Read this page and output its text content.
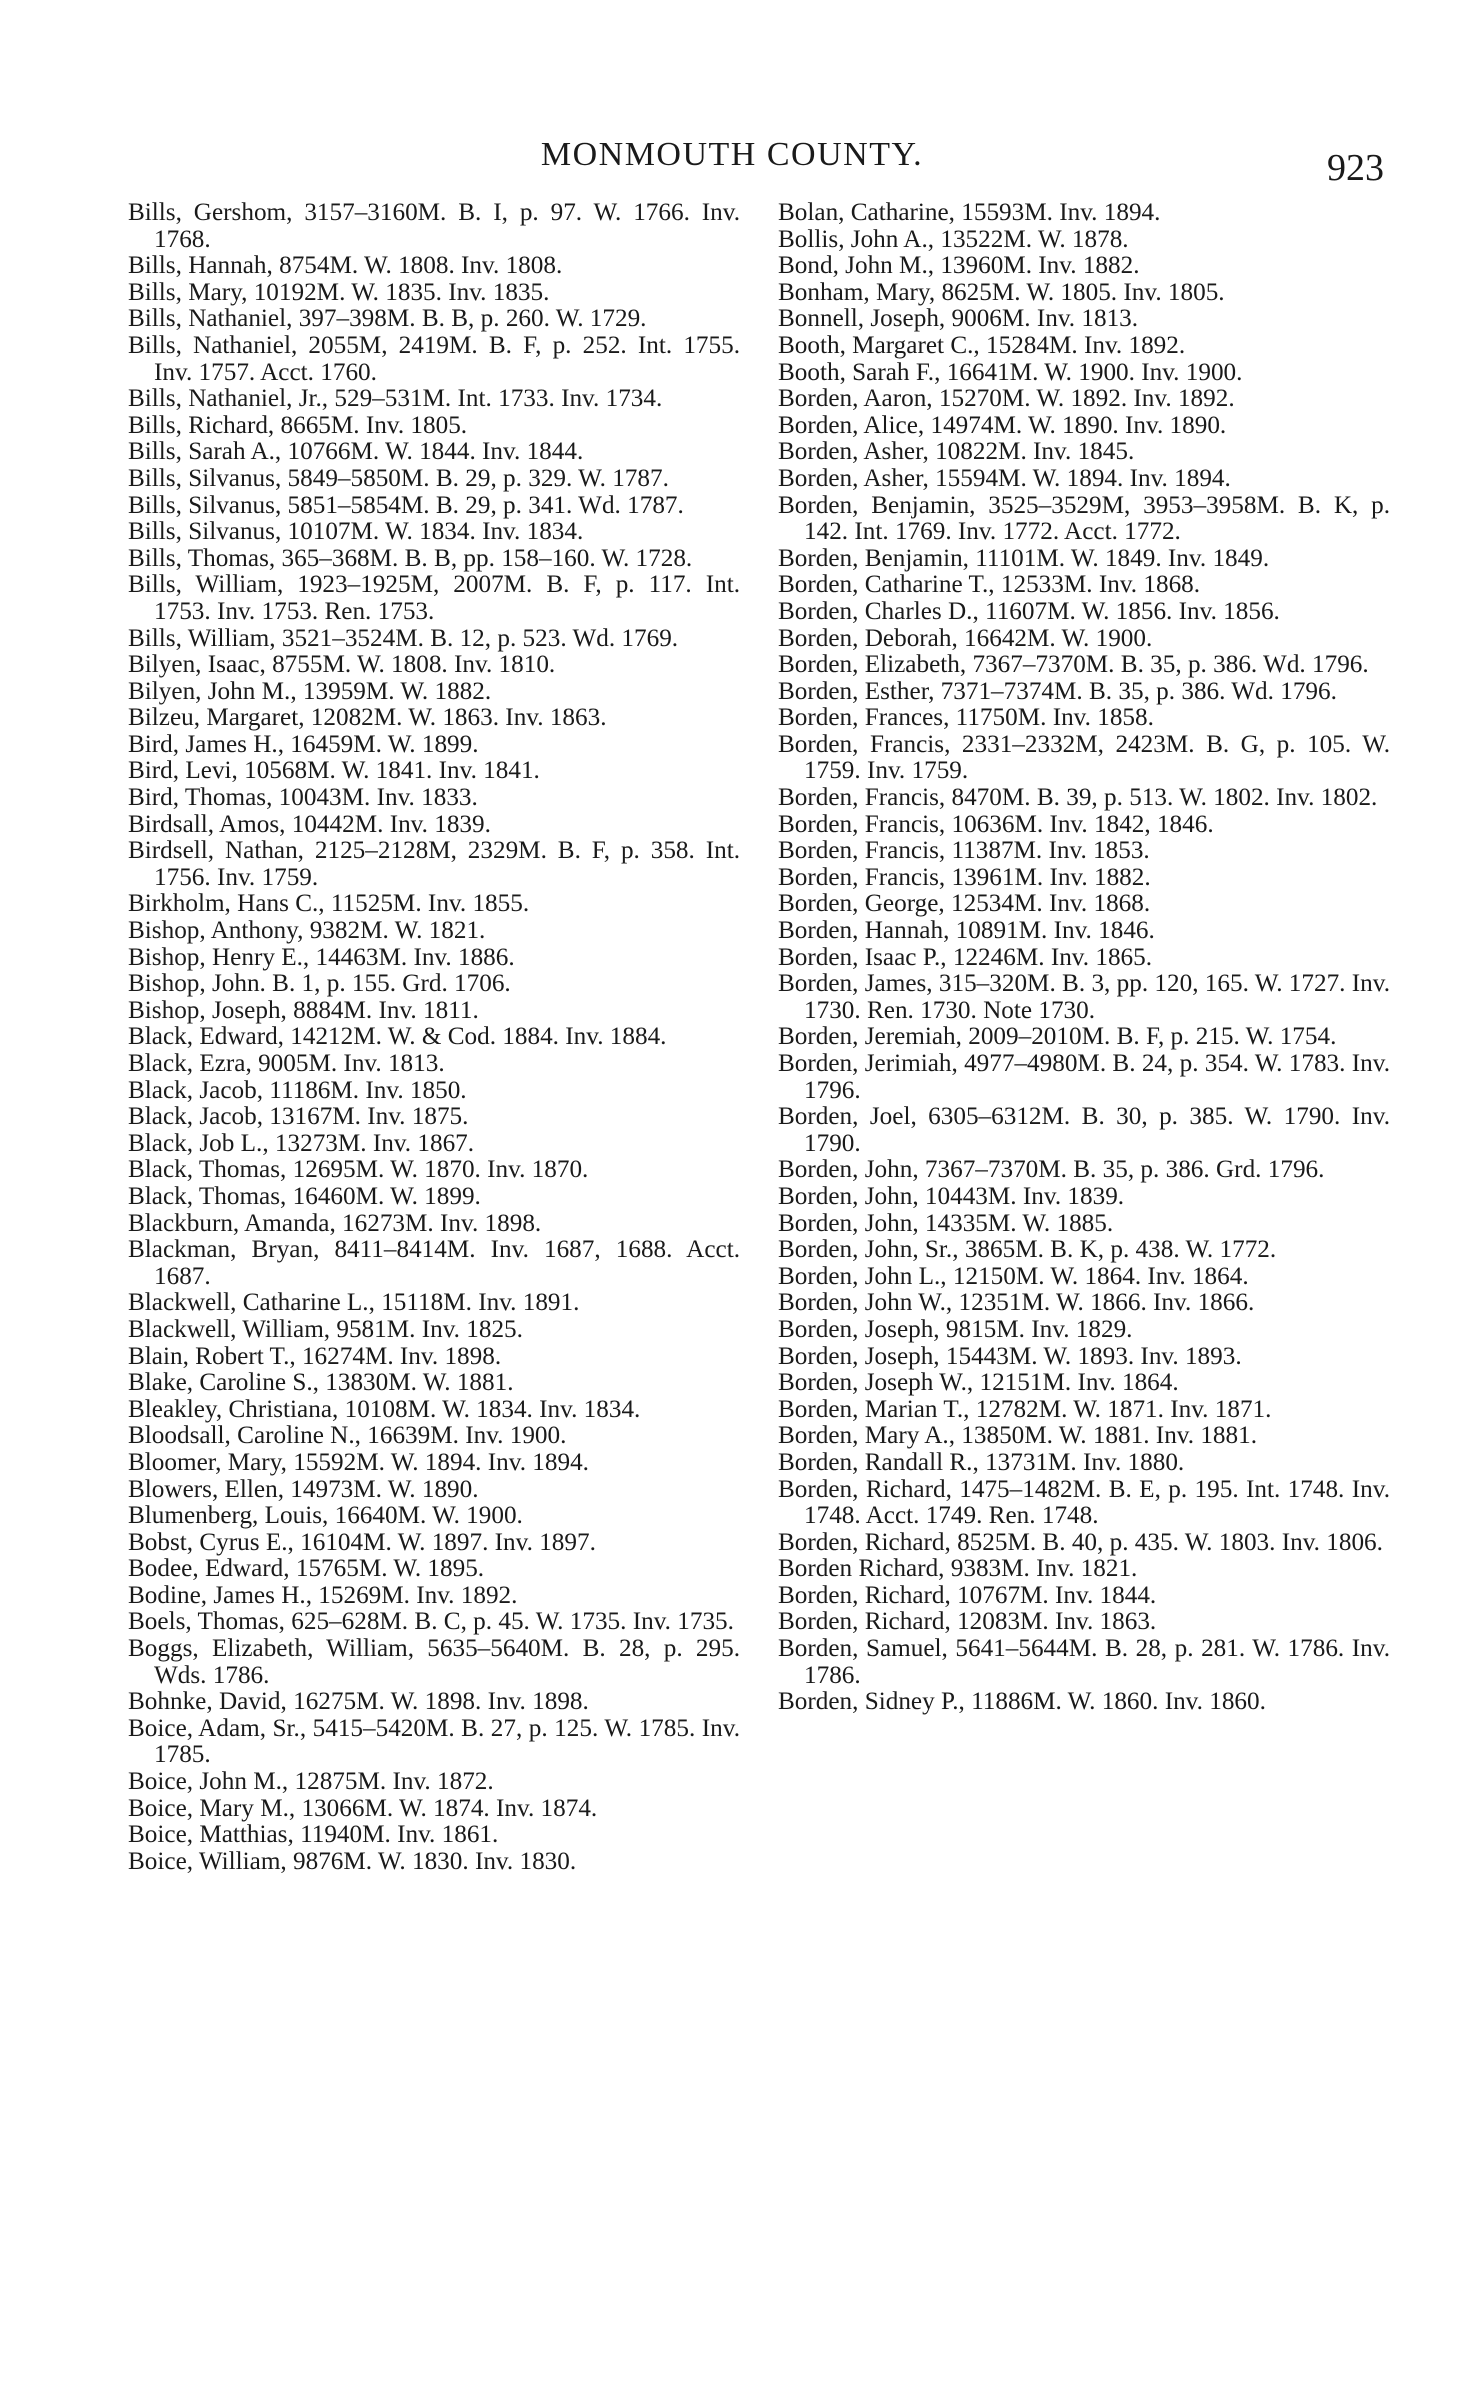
MONMOUTH COUNTY.	923

Bills, Gershom, 3157–3160M. B. I, p. 97. W. 1766. Inv. 1768.

Bills, Hannah, 8754M. W. 1808. Inv. 1808.

Bills, Mary, 10192M. W. 1835. Inv. 1835.

Bills, Nathaniel, 397–398M. B. B, p. 260. W. 1729.

Bills, Nathaniel, 2055M, 2419M. B. F, p. 252. Int. 1755. Inv. 1757. Acct. 1760.

Bills, Nathaniel, Jr., 529–531M. Int. 1733. Inv. 1734.

Bills, Richard, 8665M. Inv. 1805.

Bills, Sarah A., 10766M. W. 1844. Inv. 1844.

Bills, Silvanus, 5849–5850M. B. 29, p. 329. W. 1787.

Bills, Silvanus, 5851–5854M. B. 29, p. 341. Wd. 1787.

Bills, Silvanus, 10107M. W. 1834. Inv. 1834.

Bills, Thomas, 365–368M. B. B, pp. 158–160. W. 1728.

Bills, William, 1923–1925M, 2007M. B. F, p. 117. Int. 1753. Inv. 1753. Ren. 1753.

Bills, William, 3521–3524M. B. 12, p. 523. Wd. 1769.

Bilyen, Isaac, 8755M. W. 1808. Inv. 1810.

Bilyen, John M., 13959M. W. 1882.

Bilzeu, Margaret, 12082M. W. 1863. Inv. 1863.

Bird, James H., 16459M. W. 1899.

Bird, Levi, 10568M. W. 1841. Inv. 1841.

Bird, Thomas, 10043M. Inv. 1833.

Birdsall, Amos, 10442M. Inv. 1839.

Birdsell, Nathan, 2125–2128M, 2329M. B. F, p. 358. Int. 1756. Inv. 1759.

Birkholm, Hans C., 11525M. Inv. 1855.

Bishop, Anthony, 9382M. W. 1821.

Bishop, Henry E., 14463M. Inv. 1886.

Bishop, John. B. 1, p. 155. Grd. 1706.

Bishop, Joseph, 8884M. Inv. 1811.

Black, Edward, 14212M. W. & Cod. 1884. Inv. 1884.

Black, Ezra, 9005M. Inv. 1813.

Black, Jacob, 11186M. Inv. 1850.

Black, Jacob, 13167M. Inv. 1875.

Black, Job L., 13273M. Inv. 1867.

Black, Thomas, 12695M. W. 1870. Inv. 1870.

Black, Thomas, 16460M. W. 1899.

Blackburn, Amanda, 16273M. Inv. 1898.

Blackman, Bryan, 8411–8414M. Inv. 1687, 1688. Acct. 1687.

Blackwell, Catharine L., 15118M. Inv. 1891.

Blackwell, William, 9581M. Inv. 1825.

Blain, Robert T., 16274M. Inv. 1898.

Blake, Caroline S., 13830M. W. 1881.

Bleakley, Christiana, 10108M. W. 1834. Inv. 1834.

Bloodsall, Caroline N., 16639M. Inv. 1900.

Bloomer, Mary, 15592M. W. 1894. Inv. 1894.

Blowers, Ellen, 14973M. W. 1890.

Blumenberg, Louis, 16640M. W. 1900.

Bobst, Cyrus E., 16104M. W. 1897. Inv. 1897.

Bodee, Edward, 15765M. W. 1895.

Bodine, James H., 15269M. Inv. 1892.

Boels, Thomas, 625–628M. B. C, p. 45. W. 1735. Inv. 1735.

Boggs, Elizabeth, William, 5635–5640M. B. 28, p. 295. Wds. 1786.

Bohnke, David, 16275M. W. 1898. Inv. 1898.

Boice, Adam, Sr., 5415–5420M. B. 27, p. 125. W. 1785. Inv. 1785.

Boice, John M., 12875M. Inv. 1872.

Boice, Mary M., 13066M. W. 1874. Inv. 1874.

Boice, Matthias, 11940M. Inv. 1861.

Boice, William, 9876M. W. 1830. Inv. 1830.

Bolan, Catharine, 15593M. Inv. 1894.

Bollis, John A., 13522M. W. 1878.

Bond, John M., 13960M. Inv. 1882.

Bonham, Mary, 8625M. W. 1805. Inv. 1805.

Bonnell, Joseph, 9006M. Inv. 1813.

Booth, Margaret C., 15284M. Inv. 1892.

Booth, Sarah F., 16641M. W. 1900. Inv. 1900.

Borden, Aaron, 15270M. W. 1892. Inv. 1892.

Borden, Alice, 14974M. W. 1890. Inv. 1890.

Borden, Asher, 10822M. Inv. 1845.

Borden, Asher, 15594M. W. 1894. Inv. 1894.

Borden, Benjamin, 3525–3529M, 3953–3958M. B. K, p. 142. Int. 1769. Inv. 1772. Acct. 1772.

Borden, Benjamin, 11101M. W. 1849. Inv. 1849.

Borden, Catharine T., 12533M. Inv. 1868.

Borden, Charles D., 11607M. W. 1856. Inv. 1856.

Borden, Deborah, 16642M. W. 1900.

Borden, Elizabeth, 7367–7370M. B. 35, p. 386. Wd. 1796.

Borden, Esther, 7371–7374M. B. 35, p. 386. Wd. 1796.

Borden, Frances, 11750M. Inv. 1858.

Borden, Francis, 2331–2332M, 2423M. B. G, p. 105. W. 1759. Inv. 1759.

Borden, Francis, 8470M. B. 39, p. 513. W. 1802. Inv. 1802.

Borden, Francis, 10636M. Inv. 1842, 1846.

Borden, Francis, 11387M. Inv. 1853.

Borden, Francis, 13961M. Inv. 1882.

Borden, George, 12534M. Inv. 1868.

Borden, Hannah, 10891M. Inv. 1846.

Borden, Isaac P., 12246M. Inv. 1865.

Borden, James, 315–320M. B. 3, pp. 120, 165. W. 1727. Inv. 1730. Ren. 1730. Note 1730.

Borden, Jeremiah, 2009–2010M. B. F, p. 215. W. 1754.

Borden, Jerimiah, 4977–4980M. B. 24, p. 354. W. 1783. Inv. 1796.

Borden, Joel, 6305–6312M. B. 30, p. 385. W. 1790. Inv. 1790.

Borden, John, 7367–7370M. B. 35, p. 386. Grd. 1796.

Borden, John, 10443M. Inv. 1839.

Borden, John, 14335M. W. 1885.

Borden, John, Sr., 3865M. B. K, p. 438. W. 1772.

Borden, John L., 12150M. W. 1864. Inv. 1864.

Borden, John W., 12351M. W. 1866. Inv. 1866.

Borden, Joseph, 9815M. Inv. 1829.

Borden, Joseph, 15443M. W. 1893. Inv. 1893.

Borden, Joseph W., 12151M. Inv. 1864.

Borden, Marian T., 12782M. W. 1871. Inv. 1871.

Borden, Mary A., 13850M. W. 1881. Inv. 1881.

Borden, Randall R., 13731M. Inv. 1880.

Borden, Richard, 1475–1482M. B. E, p. 195. Int. 1748. Inv. 1748. Acct. 1749. Ren. 1748.

Borden, Richard, 8525M. B. 40, p. 435. W. 1803. Inv. 1806.

Borden Richard, 9383M. Inv. 1821.

Borden, Richard, 10767M. Inv. 1844.

Borden, Richard, 12083M. Inv. 1863.

Borden, Samuel, 5641–5644M. B. 28, p. 281. W. 1786. Inv. 1786.

Borden, Sidney P., 11886M. W. 1860. Inv. 1860.
